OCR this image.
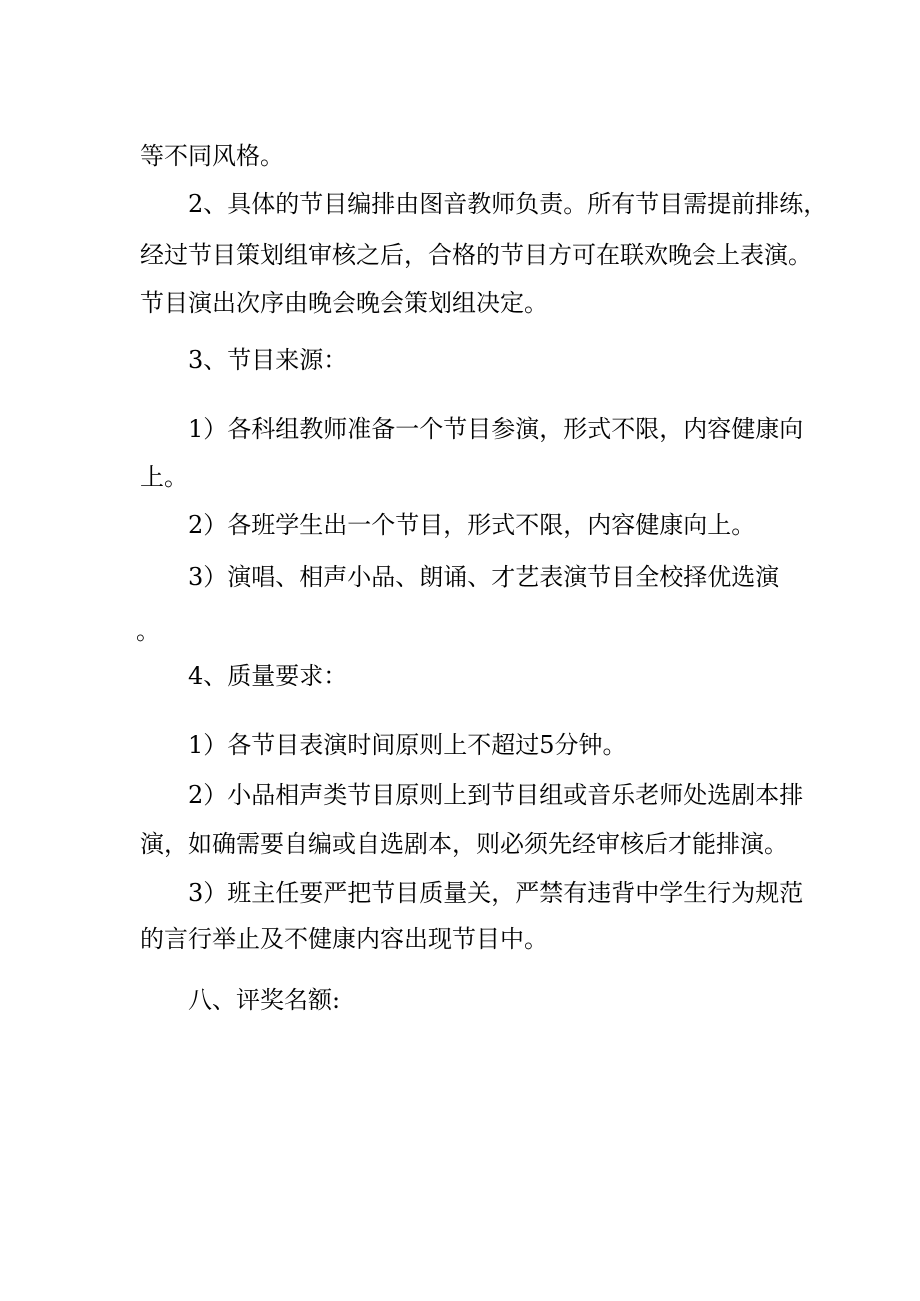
等不同风格。
2、具体的节目编排由图音教师负责。所有节目需提前排练，
经过节目策划组审核之后，合格的节目方可在联欢晚会上表演。
节目演出次序由晚会晚会策划组决定。
3、节目来源：
1）各科组教师准备一个节目参演，形式不限，内容健康向
上。
2）各班学生出一个节目，形式不限，内容健康向上。
3）演唱、相声小品、朗诵、才艺表演节目全校择优选演
。
4、质量要求：
1）各节目表演时间原则上不超过5分钟。
2）小品相声类节目原则上到节目组或音乐老师处选剧本排
演，如确需要自编或自选剧本，则必须先经审核后才能排演。
3）班主任要严把节目质量关，严禁有违背中学生行为规范
的言行举止及不健康内容出现节目中。
八、评奖名额:
